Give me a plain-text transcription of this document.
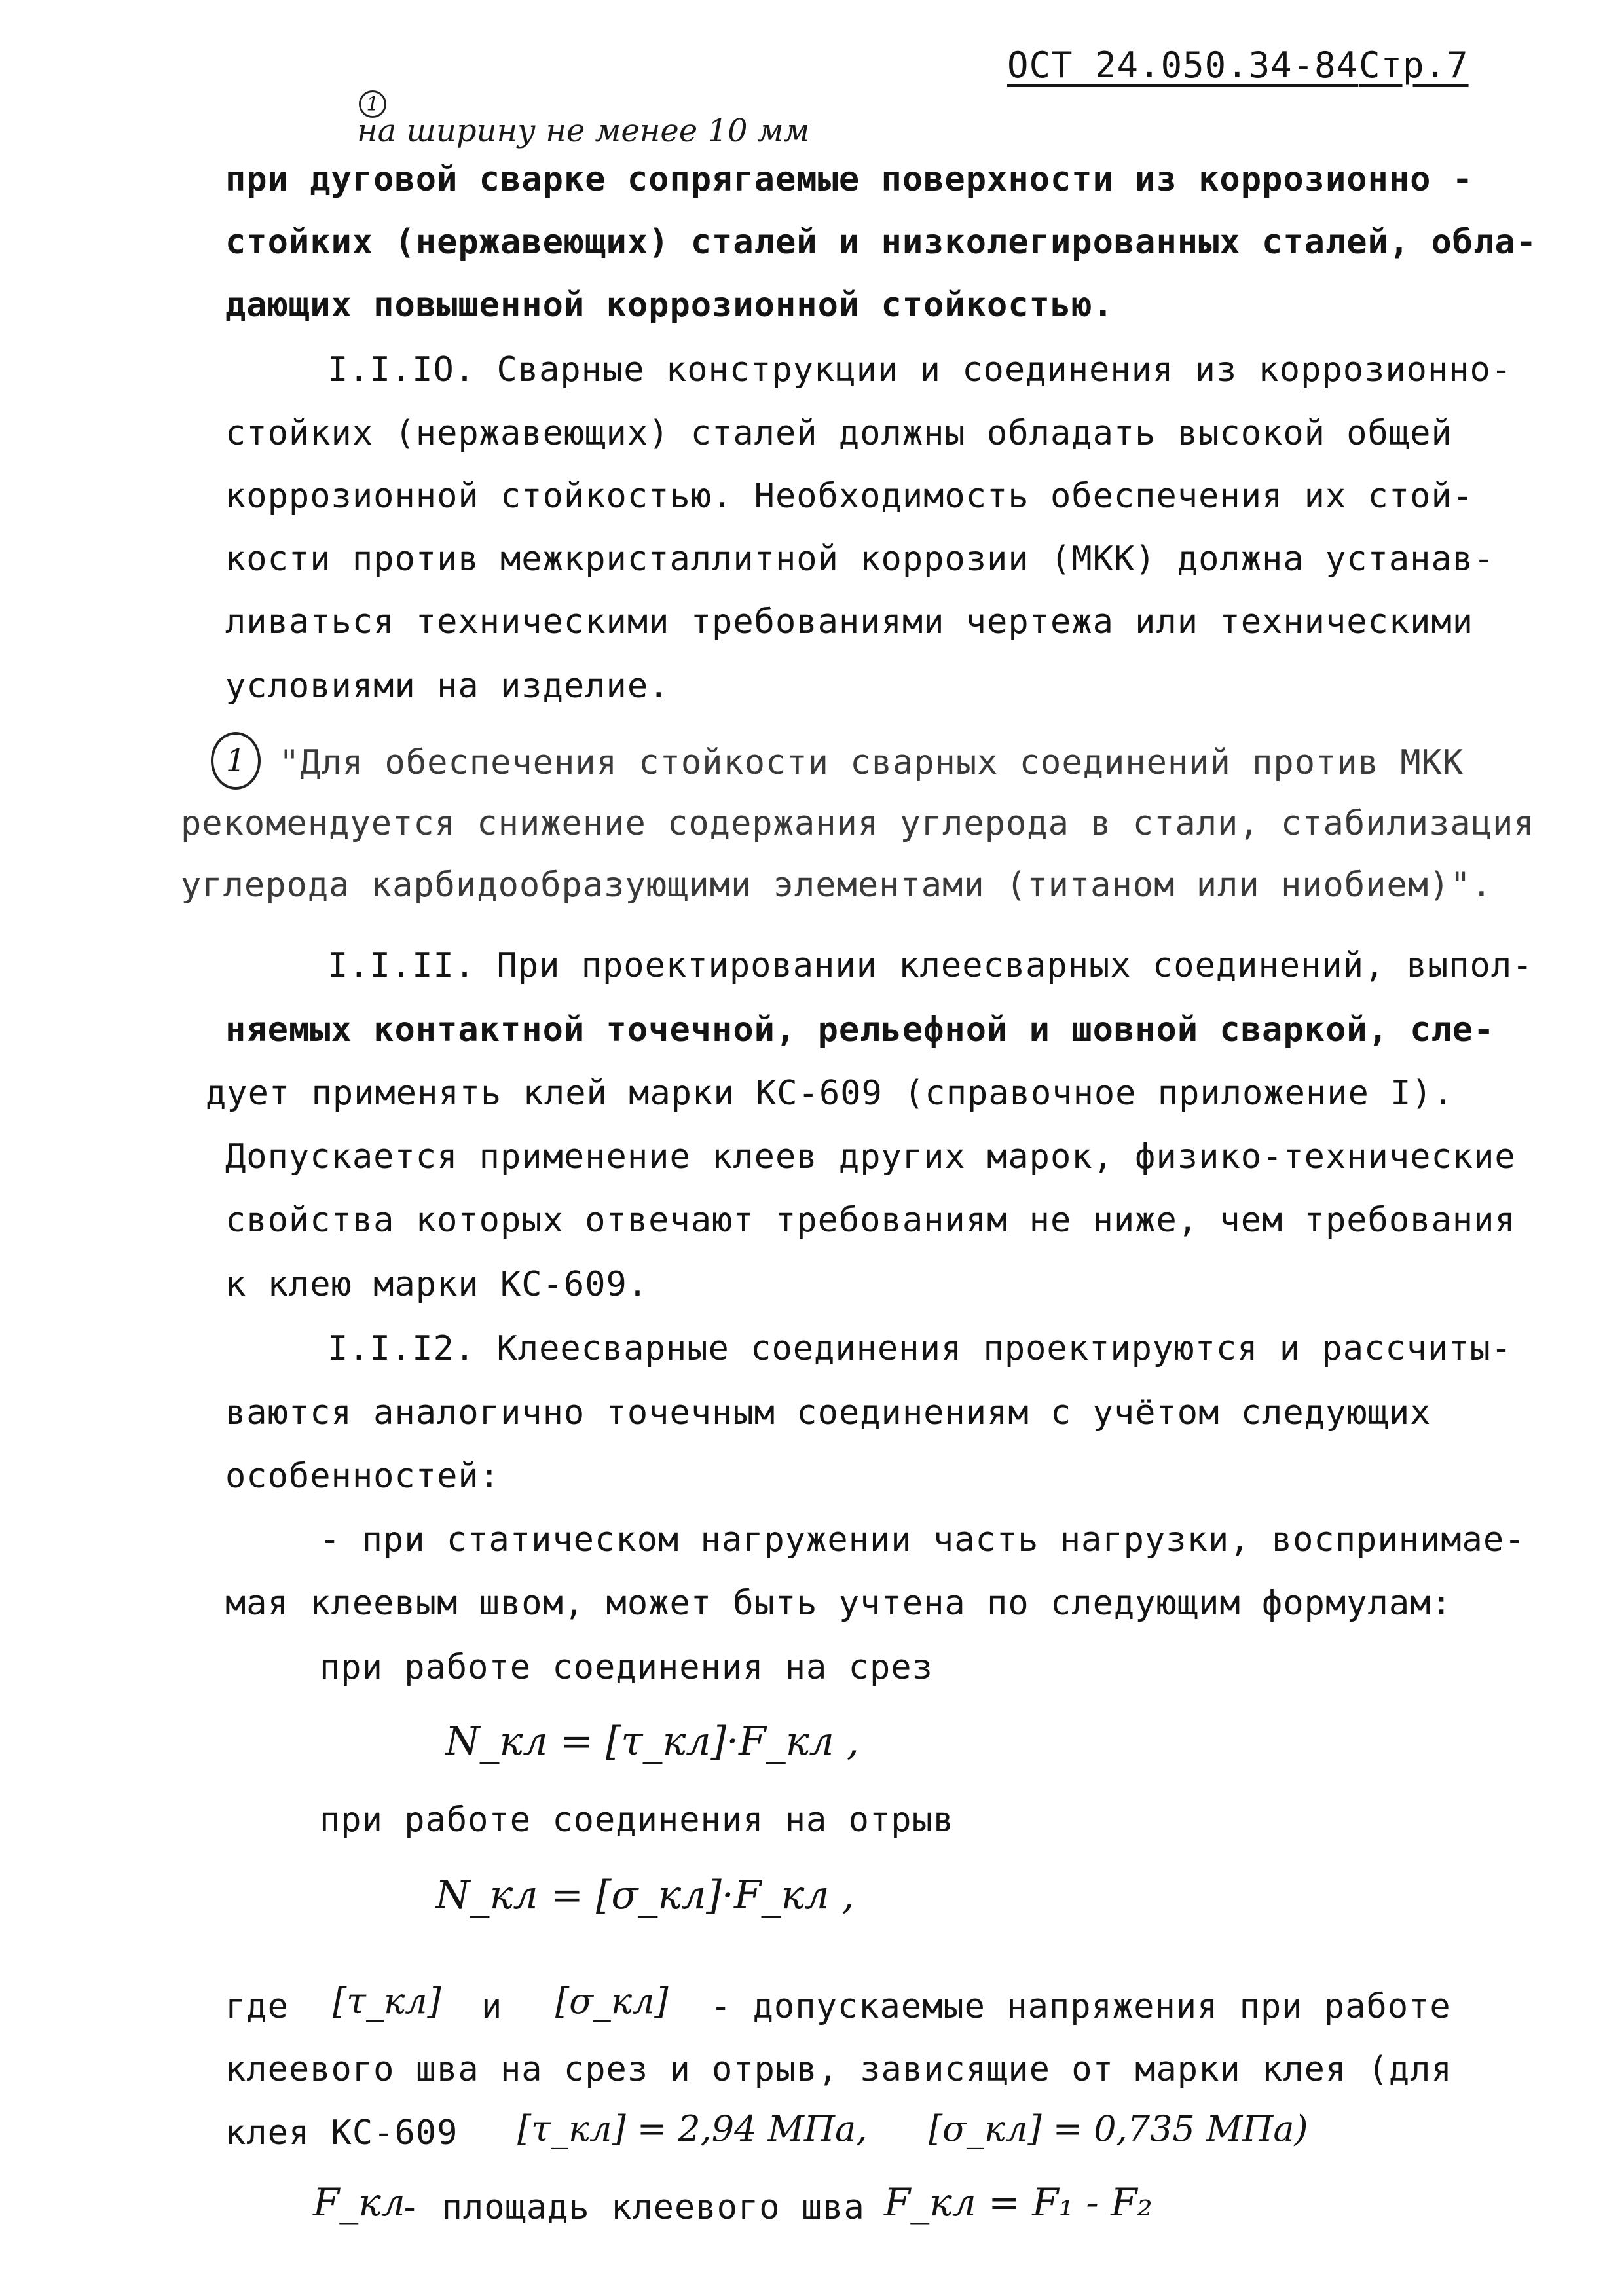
ОСТ 24.050.34-84 Стр.7
1
на ширину не менее 10 мм
при дуговой сварке сопрягаемые поверхности из коррозионно -
стойких (нержавеющих) сталей и низколегированных сталей, обла-
дающих повышенной коррозионной стойкостью.
I.I.IO. Сварные конструкции и соединения из коррозионно-
стойких (нержавеющих) сталей должны обладать высокой общей
коррозионной стойкостью. Необходимость обеспечения их стой-
кости против межкристаллитной коррозии (МКК) должна устанав-
ливаться техническими требованиями чертежа или техническими
условиями на изделие.
1 "Для обеспечения стойкости сварных соединений против МКК
рекомендуется снижение содержания углерода в стали, стабилизация
углерода карбидообразующими элементами (титаном или ниобием)".
I.I.II. При проектировании клеесварных соединений, выпол-
няемых контактной точечной, рельефной и шовной сваркой, сле-
дует применять клей марки КС-609 (справочное приложение I).
Допускается применение клеев других марок, физико-технические
свойства которых отвечают требованиям не ниже, чем требования
к клею марки КС-609.
I.I.I2. Клеесварные соединения проектируются и рассчиты-
ваются аналогично точечным соединениям с учётом следующих
особенностей:
- при статическом нагружении часть нагрузки, воспринимае-
мая клеевым швом, может быть учтена по следующим формулам:
при работе соединения на срез
N_кл = [τ_кл]·F_кл ,
при работе соединения на отрыв
N_кл = [σ_кл]·F_кл ,
где [τ_кл] и [σ_кл] - допускаемые напряжения при работе
клеевого шва на срез и отрыв, зависящие от марки клея (для
клея КС-609 [τ_кл] = 2,94 МПа, [σ_кл] = 0,735 МПа)
F_кл
- площадь клеевого шва F_кл = F₁ - F₂
